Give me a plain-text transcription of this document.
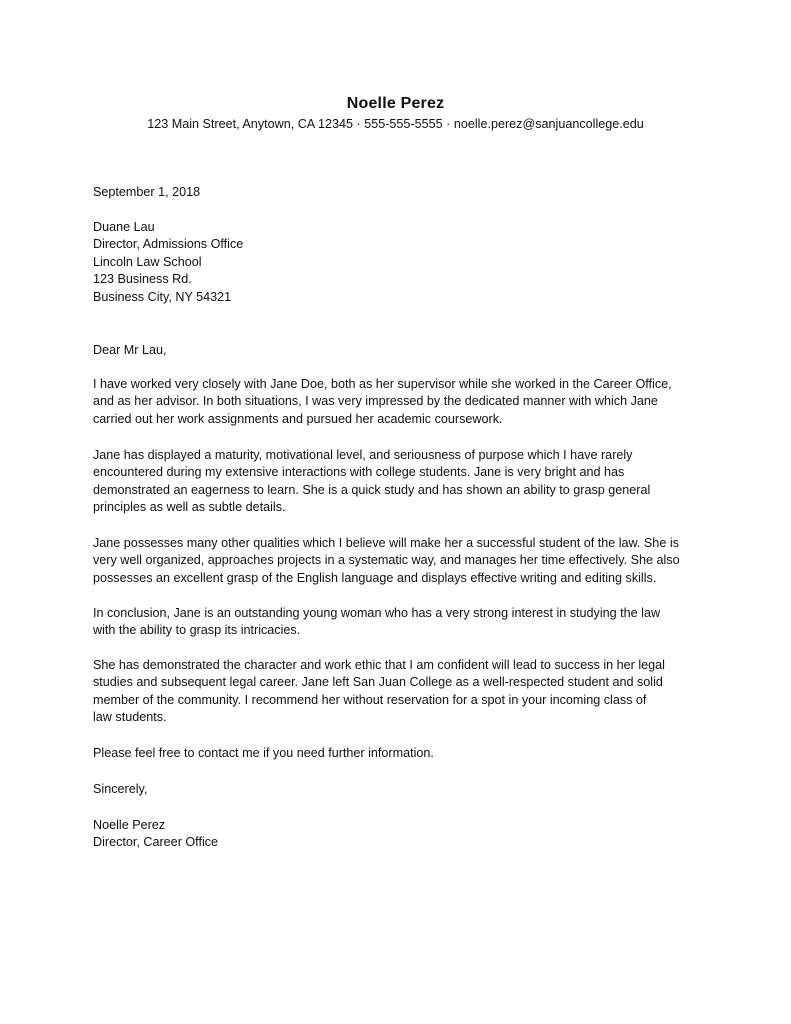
Noelle Perez
123 Main Street, Anytown, CA 12345 · 555-555-5555 · noelle.perez@sanjuancollege.edu
September 1, 2018
Duane Lau
Director, Admissions Office
Lincoln Law School
123 Business Rd.
Business City, NY 54321
Dear Mr Lau,
I have worked very closely with Jane Doe, both as her supervisor while she worked in the Career Office,
and as her advisor. In both situations, I was very impressed by the dedicated manner with which Jane
carried out her work assignments and pursued her academic coursework.
Jane has displayed a maturity, motivational level, and seriousness of purpose which I have rarely
encountered during my extensive interactions with college students. Jane is very bright and has
demonstrated an eagerness to learn. She is a quick study and has shown an ability to grasp general
principles as well as subtle details.
Jane possesses many other qualities which I believe will make her a successful student of the law. She is
very well organized, approaches projects in a systematic way, and manages her time effectively. She also
possesses an excellent grasp of the English language and displays effective writing and editing skills.
In conclusion, Jane is an outstanding young woman who has a very strong interest in studying the law
with the ability to grasp its intricacies.
She has demonstrated the character and work ethic that I am confident will lead to success in her legal
studies and subsequent legal career. Jane left San Juan College as a well-respected student and solid
member of the community. I recommend her without reservation for a spot in your incoming class of
law students.
Please feel free to contact me if you need further information.
Sincerely,
Noelle Perez
Director, Career Office
